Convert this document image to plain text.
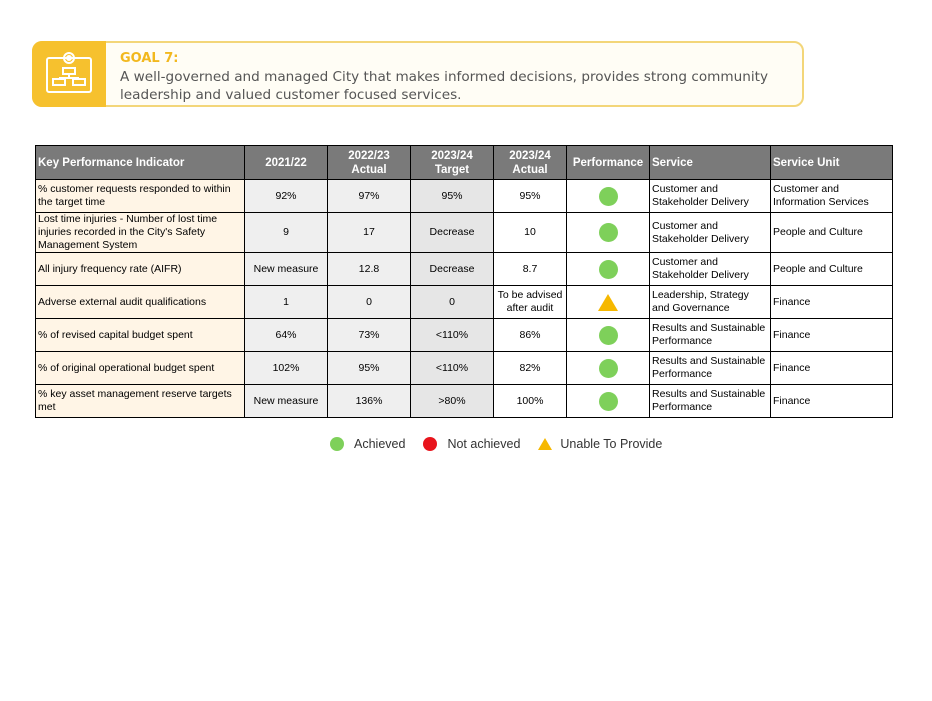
GOAL 7:
A well-governed and managed City that makes informed decisions, provides strong community leadership and valued customer focused services.
Key Performance Indicator	2021/22	2022/23 Actual	2023/24 Target	2023/24 Actual	Performance	Service	Service Unit
% customer requests responded to within the target time	92%	97%	95%	95%		Customer and Stakeholder Delivery	Customer and Information Services
Lost time injuries - Number of lost time injuries recorded in the City's Safety Management System	9	17	Decrease	10		Customer and Stakeholder Delivery	People and Culture
All injury frequency rate (AIFR)	New measure	12.8	Decrease	8.7		Customer and Stakeholder Delivery	People and Culture
Adverse external audit qualifications	1	0	0	To be advised after audit		Leadership, Strategy and Governance	Finance
% of revised capital budget spent	64%	73%	<110%	86%		Results and Sustainable Performance	Finance
% of original operational budget spent	102%	95%	<110%	82%		Results and Sustainable Performance	Finance
% key asset management reserve targets met	New measure	136%	>80%	100%		Results and Sustainable Performance	Finance
Achieved	Not achieved	Unable To Provide
